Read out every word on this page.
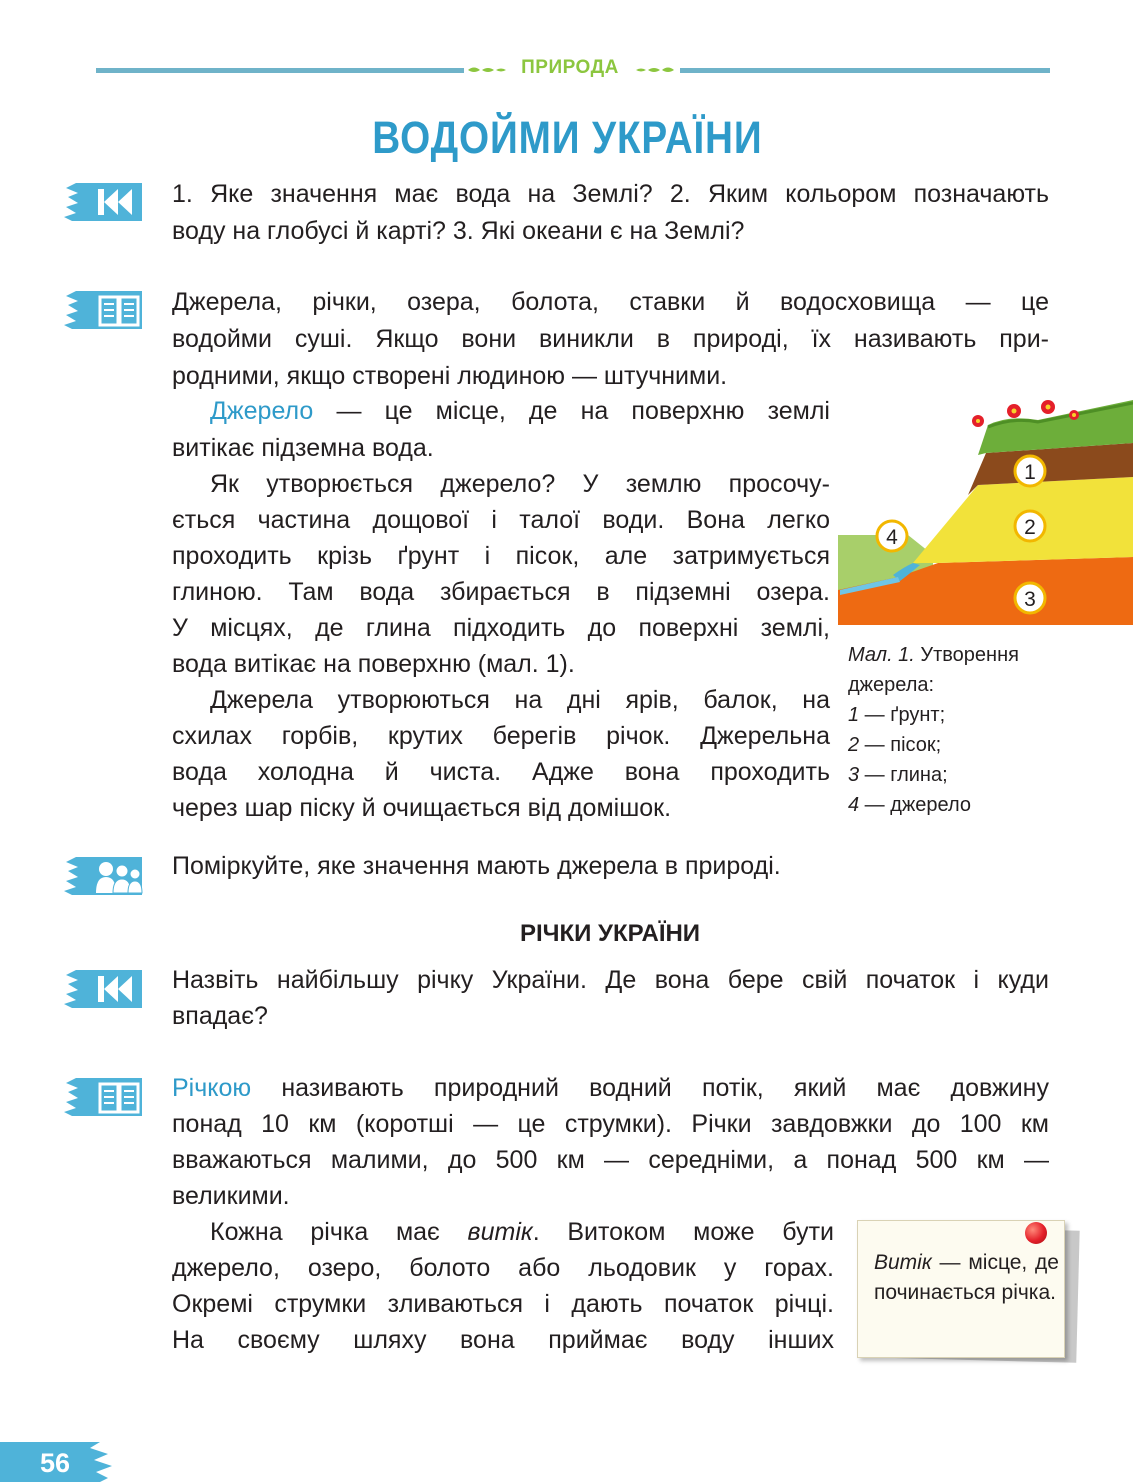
ПРИРОДА
ВОДОЙМИ УКРАЇНИ
1. Яке значення має вода на Землі? 2. Яким кольором позначають
воду на глобусі й карті? 3. Які океани є на Землі?
Джерела, річки, озера, болота, ставки й водосховища — це
водойми суші. Якщо вони виникли в природі, їх називають при-
родними, якщо створені людиною — штучними.
Джерело — це місце, де на поверхню землі
витікає підземна вода.
Як утворюється джерело? У землю просочу-
ється частина дощової і талої води. Вона легко
проходить крізь ґрунт і пісок, але затримується
глиною. Там вода збирається в підземні озера.
У місцях, де глина підходить до поверхні землі,
вода витікає на поверхню (мал. 1).
Джерела утворюються на дні ярів, балок, на
схилах горбів, крутих берегів річок. Джерельна
вода холодна й чиста. Адже вона проходить
через шар піску й очищається від домішок.
1
2
3
4
Мал. 1. Утворення
джерела:
1 — ґрунт;
2 — пісок;
3 — глина;
4 — джерело
Поміркуйте, яке значення мають джерела в природі.
РІЧКИ УКРАЇНИ
Назвіть найбільшу річку України. Де вона бере свій початок і куди
впадає?
Річкою називають природний водний потік, який має довжину
понад 10 км (коротші — це струмки). Річки завдовжки до 100 км
вважаються малими, до 500 км — середніми, а понад 500 км —
великими.
Кожна річка має витік. Витоком може бути
джерело, озеро, болото або льодовик у горах.
Окремі струмки зливаються і дають початок річці.
На своєму шляху вона приймає воду інших
Витік — місце, де починається річка.
56
